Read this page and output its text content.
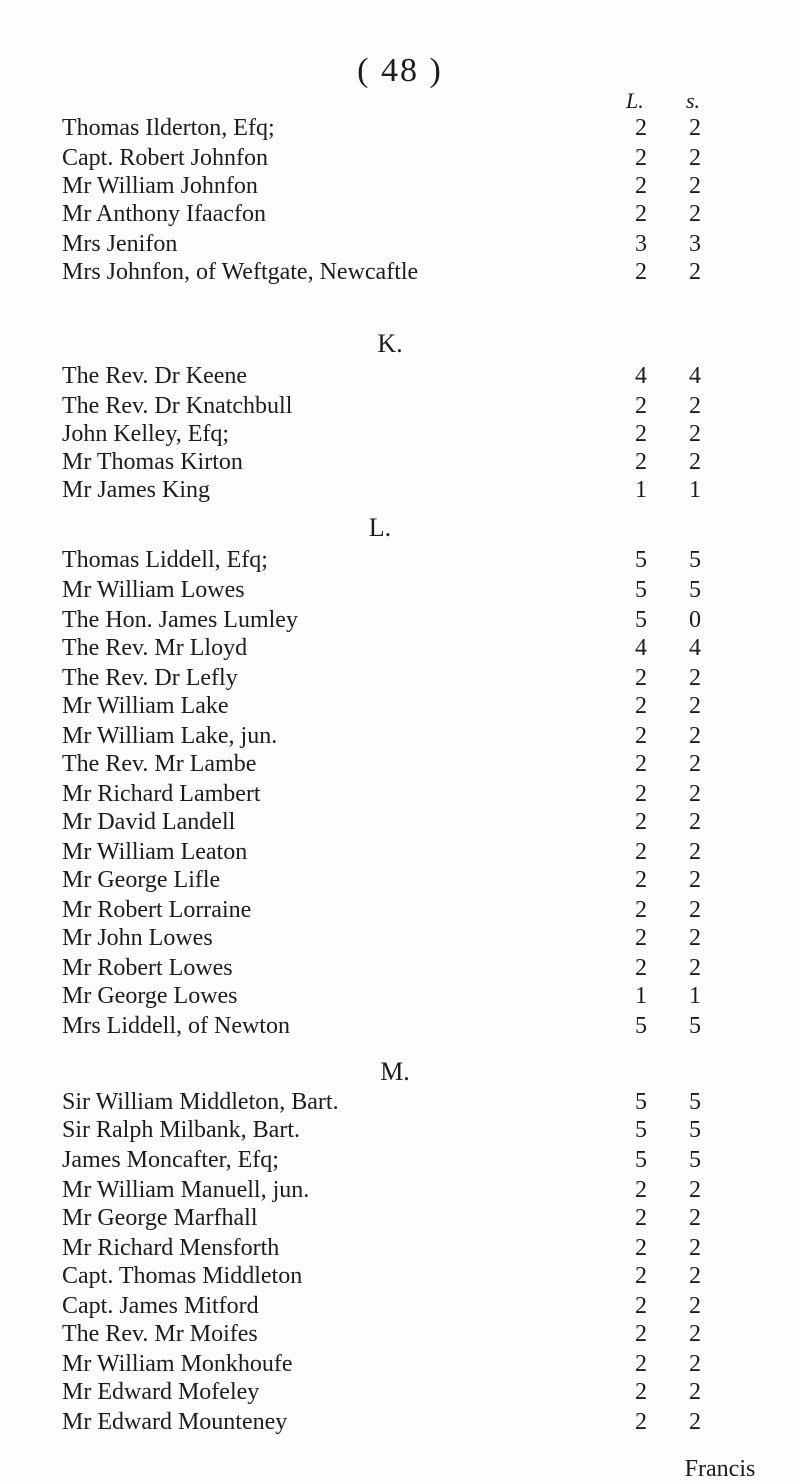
( 48 )
L. s.
Thomas Ilderton, Efq;	2	2
Capt. Robert Johnfon	2	2
Mr William Johnfon	2	2
Mr Anthony Ifaacfon	2	2
Mrs Jenifon	3	3
Mrs Johnfon, of Weftgate, Newcaftle	2	2
K.
The Rev. Dr Keene	4	4
The Rev. Dr Knatchbull	2	2
John Kelley, Efq;	2	2
Mr Thomas Kirton	2	2
Mr James King	1	1
L.
Thomas Liddell, Efq;	5	5
Mr William Lowes	5	5
The Hon. James Lumley	5	0
The Rev. Mr Lloyd	4	4
The Rev. Dr Lefly	2	2
Mr William Lake	2	2
Mr William Lake, jun.	2	2
The Rev. Mr Lambe	2	2
Mr Richard Lambert	2	2
Mr David Landell	2	2
Mr William Leaton	2	2
Mr George Lifle	2	2
Mr Robert Lorraine	2	2
Mr John Lowes	2	2
Mr Robert Lowes	2	2
Mr George Lowes	1	1
Mrs Liddell, of Newton	5	5
M.
Sir William Middleton, Bart.	5	5
Sir Ralph Milbank, Bart.	5	5
James Moncafter, Efq;	5	5
Mr William Manuell, jun.	2	2
Mr George Marfhall	2	2
Mr Richard Mensforth	2	2
Capt. Thomas Middleton	2	2
Capt. James Mitford	2	2
The Rev. Mr Moifes	2	2
Mr William Monkhoufe	2	2
Mr Edward Mofeley	2	2
Mr Edward Mounteney	2	2
Francis
